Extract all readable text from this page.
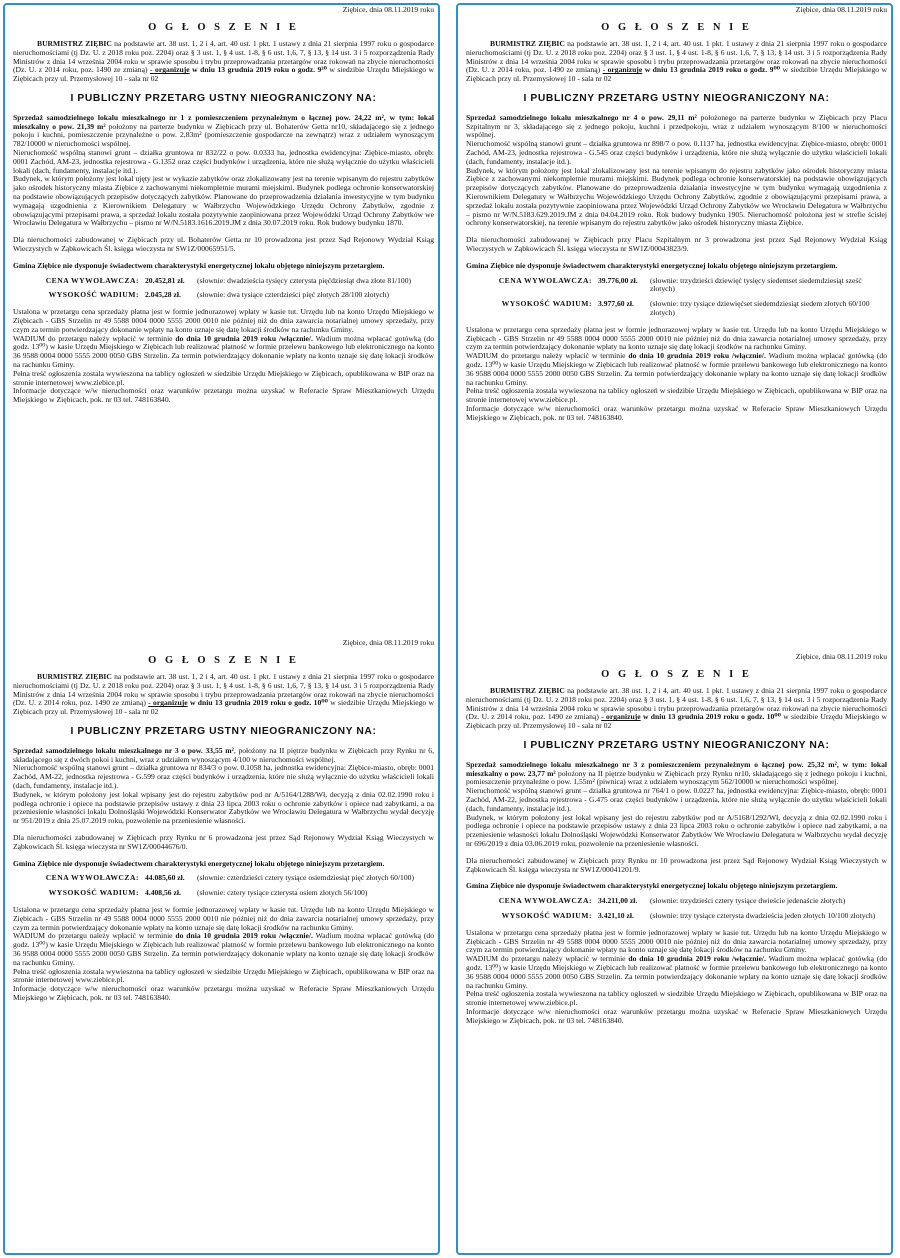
Ziębice, dnia 08.11.2019 roku

O G Ł O S Z E N I E

BURMISTRZ ZIĘBIC na podstawie art. 38 ust. 1, 2 i 4, art. 40 ust. 1 pkt. 1 ustawy z dnia 21 sierpnia 1997 roku o gospodarce nieruchomościami (tj Dz. U. z 2018 roku poz. 2204) oraz § 3 ust. 1, § 4 ust. 1-8, § 6 ust. 1,6, 7, § 13, § 14 ust. 3 i 5 rozporządzenia Rady Ministrów z dnia 14 września 2004 roku w sprawie sposobu i trybu przeprowadzania przetargów oraz rokowań na zbycie nieruchomości (Dz. U. z 2014 roku, poz. 1490 ze zmianą) - organizuje w dniu 13 grudnia 2019 roku o godz. 9³⁰ w siedzibie Urzędu Miejskiego w Ziębicach przy ul. Przemysłowej 10 - sala nr 02

I PUBLICZNY PRZETARG USTNY NIEOGRANICZONY NA:

Sprzedaż samodzielnego lokalu mieszkalnego nr 1 z pomieszczeniem przynależnym o łącznej pow. 24,22 m², w tym: lokal mieszkalny o pow. 21,39 m² położony na parterze budynku w Ziębicach przy ul. Bohaterów Getta nr10, składającego się z jednego pokoju i kuchni, pomieszczenie przynależne o pow. 2,83m² (pomieszczenie gospodarcze na zewnątrz) wraz z udziałem wynoszącym 782/10000 w nieruchomości wspólnej.

Nieruchomość wspólną stanowi grunt – działka gruntowa nr 832/22 o pow. 0.0333 ha, jednostka ewidencyjna: Ziębice-miasto, obręb: 0001 Zachód, AM-23, jednostka rejestrowa - G.1352 oraz części budynków i urządzenia, które nie służą wyłącznie do użytku właścicieli lokali (dach, fundamenty, instalacje itd.).

Budynek, w którym położony jest lokal ujęty jest w wykazie zabytków oraz zlokalizowany jest na terenie wpisanym do rejestru zabytków jako ośrodek historyczny miasta Ziębice z zachowanymi niekompletnie murami miejskimi. Budynek podlega ochronie konserwatorskiej na podstawie obowiązujących przepisów dotyczących zabytków. Planowane do przeprowadzenia działania inwestycyjne w tym budynku wymagają uzgodnienia z Kierownikiem Delegatury w Wałbrzychu Wojewódzkiego Urzędu Ochrony Zabytków, zgodnie z obowiązującymi przepisami prawa, a sprzedaż lokalu została pozytywnie zaopiniowana przez Wojewódzki Urząd Ochrony Zabytków we Wrocławiu Delegatura w Wałbrzychu – pismo nr W/N.5183.1616.2019.JM z dnia 30.07.2019 roku. Rok budowy budynku 1870.

Dla nieruchomości zabudowanej w Ziębicach przy ul. Bohaterów Getta nr 10 prowadzona jest przez Sąd Rejonowy Wydział Ksiąg Wieczystych w Ząbkowicach Śl. księga wieczysta nr SW1Z/00065951/5.

Gmina Ziębice nie dysponuje świadectwem charakterystyki energetycznej lokalu objętego niniejszym przetargiem.

CENA WYWOŁAWCZA: 20.452,81 zł.	(słownie: dwadzieścia tysięcy czterysta pięćdziesiąt dwa złote 81/100)
WYSOKOŚĆ WADIUM: 2.045,28 zł.	(słownie: dwa tysiące czterdzieści pięć złotych 28/100 złotych)

Ustalona w przetargu cena sprzedaży płatna jest w formie jednorazowej wpłaty w kasie tut. Urzędu lub na konto Urzędu Miejskiego w Ziębicach - GBS Strzelin nr 49 5588 0004 0000 5555 2000 0010 nie później niż do dnia zawarcia notarialnej umowy sprzedaży, przy czym za termin potwierdzający dokonanie wpłaty na konto uznaje się datę lokacji środków na rachunku Gminy.

WADIUM do przetargu należy wpłacić w terminie do dnia 10 grudnia 2019 roku /włącznie/. Wadium można wpłacać gotówką (do godz. 13⁰⁰) w kasie Urzędu Miejskiego w Ziębicach lub realizować płatność w formie przelewu bankowego lub elektronicznego na konto 36 9588 0004 0000 5555 2000 0050 GBS Strzelin. Za termin potwierdzający dokonanie wpłaty na konto uznaje się datę lokacji środków na rachunku Gminy.

Pełna treść ogłoszenia zostala wywieszona na tablicy ogłoszeń w siedzibie Urzędu Miejskiego w Ziębicach, opublikowana w BIP oraz na stronie internetowej www.ziebice.pl.

Informacje dotyczące w/w nieruchomości oraz warunków przetargu można uzyskać w Referacie Spraw Mieszkaniowych Urzędu Miejskiego w Ziębicach, pok. nr 03 tel. 748163840.

Ziębice, dnia 08.11.2019 roku

O G Ł O S Z E N I E

BURMISTRZ ZIĘBIC na podstawie art. 38 ust. 1, 2 i 4, art. 40 ust. 1 pkt. 1 ustawy z dnia 21 sierpnia 1997 roku o gospodarce nieruchomościami (tj Dz. U. z 2018 roku poz. 2204) oraz § 3 ust. 1, § 4 ust. 1-8, § 6 ust. 1,6, 7, § 13, § 14 ust. 3 i 5 rozporządzenia Rady Ministrów z dnia 14 września 2004 roku w sprawie sposobu i trybu przeprowadzania przetargów oraz rokowań na zbycie nieruchomości (Dz. U. z 2014 roku, poz. 1490 ze zmianą) - organizuje w dniu 13 grudnia 2019 roku o godz. 9⁰⁰ w siedzibie Urzędu Miejskiego w Ziębicach przy ul. Przemysłowej 10 - sala nr 02

I PUBLICZNY PRZETARG USTNY NIEOGRANICZONY NA:

Sprzedaż samodzielnego lokalu mieszkalnego nr 4 o pow. 29,11 m² położonego na parterze budynku w Ziębicach przy Placu Szpitalnym nr 3, składającego się z jednego pokoju, kuchni i przedpokoju, wraz z udziałem wynoszącym 8/100 w nieruchomości wspólnej.

Nieruchomość wspólną stanowi grunt – działka gruntowa nr 898/7 o pow. 0.1137 ha, jednostka ewidencyjna: Ziębice-miasto, obręb: 0001 Zachód, AM-23, jednostka rejestrowa - G.545 oraz części budynków i urządzenia, które nie służą wyłącznie do użytku właścicieli lokali (dach, fundamenty, instalacje itd.).

Budynek, w którym położony jest lokal zlokalizowany jest na terenie wpisanym do rejestru zabytków jako ośrodek historyczny miasta Ziębice z zachowanymi niekompletnie murami miejskimi. Budynek podlega ochronie konserwatorskiej na podstawie obowiązujących przepisów dotyczących zabytków. Planowane do przeprowadzenia działania inwestycyjne w tym budynku wymagają uzgodnienia z Kierownikiem Delegatury w Wałbrzychu Wojewódzkiego Urzędu Ochrony Zabytków, zgodnie z obowiązującymi przepisami prawa, a sprzedaż lokalu została pozytywnie zaopiniowana przez Wojewódzki Urząd Ochrony Zabytków we Wrocławiu Delegatura w Wałbrzychu – pismo nr W/N.5183.629.2019.JM z dnia 04.04.2019 roku. Rok budowy budynku 1905. Nieruchomość położona jest w strefie ścisłej ochrony konserwatorskiej, na terenie wpisanym do rejestru zabytków jako ośrodek historyczny miasta Ziębice.

Dla nieruchomości zabudowanej w Ziębicach przy Placu Szpitalnym nr 3 prowadzona jest przez Sąd Rejonowy Wydział Ksiąg Wieczystych w Ząbkowicach Śl. księga wieczysta nr SW1Z/00043823/9.

Gmina Ziębice nie dysponuje świadectwem charakterystyki energetycznej lokalu objętego niniejszym przetargiem.

CENA WYWOŁAWCZA: 39.776,00 zł.	(słownie: trzydzieści dziewięć tysięcy siedemset siedemdziesiąt sześć złotych)
WYSOKOŚĆ WADIUM: 3.977,60 zł.	(słownie: trzy tysiące dziewięćset siedemdziesiąt siedem złotych 60/100 złotych)

Ustalona w przetargu cena sprzedaży płatna jest w formie jednorazowej wpłaty w kasie tut. Urzędu lub na konto Urzędu Miejskiego w Ziębicach - GBS Strzelin nr 49 5588 0004 0000 5555 2000 0010 nie później niż do dnia zawarcia notarialnej umowy sprzedaży, przy czym za termin potwierdzający dokonanie wpłaty na konto uznaje się datę lokacji środków na rachunku Gminy.

WADIUM do przetargu należy wpłacić w terminie do dnia 10 grudnia 2019 roku /włącznie/. Wadium można wpłacać gotówką (do godz. 13⁰⁰) w kasie Urzędu Miejskiego w Ziębicach lub realizować płatność w formie przelewu bankowego lub elektronicznego na konto 36 9588 0004 0000 5555 2000 0050 GBS Strzelin. Za termin potwierdzający dokonanie wpłaty na konto uznaje się datę lokacji środków na rachunku Gminy.

Pełna treść ogłoszenia zostala wywieszona na tablicy ogłoszeń w siedzibie Urzędu Miejskiego w Ziębicach, opublikowana w BIP oraz na stronie internetowej www.ziebice.pl.

Informacje dotyczące w/w nieruchomości oraz warunków przetargu można uzyskać w Referacie Spraw Mieszkaniowych Urzędu Miejskiego w Ziębicach, pok. nr 03 tel. 748163840.

Ziębice, dnia 08.11.2019 roku

O G Ł O S Z E N I E

BURMISTRZ ZIĘBIC na podstawie art. 38 ust. 1, 2 i 4, art. 40 ust. 1 pkt. 1 ustawy z dnia 21 sierpnia 1997 roku o gospodarce nieruchomościami (tj Dz. U. z 2018 roku poz. 2204) oraz § 3 ust. 1, § 4 ust. 1-8, § 6 ust. 1,6, 7, § 13, § 14 ust. 3 i 5 rozporządzenia Rady Ministrów z dnia 14 września 2004 roku w sprawie sposobu i trybu przeprowadzania przetargów oraz rokowań na zbycie nieruchomości (Dz. U. z 2014 roku, poz. 1490 ze zmianą) - organizuje w dniu 13 grudnia 2019 roku o godz. 10⁰⁰ w siedzibie Urzędu Miejskiego w Ziębicach przy ul. Przemysłowej 10 - sala nr 02

I PUBLICZNY PRZETARG USTNY NIEOGRANICZONY NA:

Sprzedaż samodzielnego lokalu mieszkalnego nr 3 o pow. 33,55 m², położony na II piętrze budynku w Ziębicach przy Rynku nr 6, składającego się z dwóch pokoi i kuchni, wraz z udziałem wynoszącym 4/100 w nieruchomości wspólnej.

Nieruchomość wspólną stanowi grunt – działka gruntowa nr 834/3 o pow. 0.1058 ha, jednostka ewidencyjna: Ziębice-miasto, obręb: 0001 Zachód, AM-22, jednostka rejestrowa - G.599 oraz części budynków i urządzenia, które nie służą wyłącznie do użytku właścicieli lokali (dach, fundamenty, instalacje itd.).

Budynek, w którym położony jest lokal wpisany jest do rejestru zabytków pod nr A/5164/1288/Wł, decyzją z dnia 02.02.1990 roku i podlega ochronie i opiece na podstawie przepisów ustawy z dnia 23 lipca 2003 roku o ochronie zabytków i opiece nad zabytkami, a na przeniesienie własności lokalu Dolnośląski Wojewódzki Konserwator Zabytków we Wrocławiu Delegatura w Wałbrzychu wydał decyzję nr 951/2019 z dnia 25.07.2019 roku, pozwolenie na przeniesienie własności.

Dla nieruchomości zabudowanej w Ziębicach przy Rynku nr 6 prowadzona jest przez Sąd Rejonowy Wydział Ksiąg Wieczystych w Ząbkowicach Śl. księga wieczysta nr SW1Z/00044676/0.

Gmina Ziębice nie dysponuje świadectwem charakterystyki energetycznej lokalu objętego niniejszym przetargiem.

CENA WYWOŁAWCZA: 44.085,60 zł.	(słownie: czterdzieści cztery tysiące osiemdziesiąt pięć złotych 60/100)
WYSOKOŚĆ WADIUM: 4.408,56 zł.	(słownie: cztery tysiące czterysta osiem złotych 56/100)

Ustalona w przetargu cena sprzedaży płatna jest w formie jednorazowej wpłaty w kasie tut. Urzędu lub na konto Urzędu Miejskiego w Ziębicach - GBS Strzelin nr 49 5588 0004 0000 5555 2000 0010 nie później niż do dnia zawarcia notarialnej umowy sprzedaży, przy czym za termin potwierdzający dokonanie wpłaty na konto uznaje się datę lokacji środków na rachunku Gminy.

WADIUM do przetargu należy wpłacić w terminie do dnia 10 grudnia 2019 roku /włącznie/. Wadium można wpłacać gotówką (do godz. 13⁰⁰) w kasie Urzędu Miejskiego w Ziębicach lub realizować płatność w formie przelewu bankowego lub elektronicznego na konto 36 9588 0004 0000 5555 2000 0050 GBS Strzelin. Za termin potwierdzający dokonanie wpłaty na konto uznaje się datę lokacji środków na rachunku Gminy.

Pełna treść ogłoszenia zostala wywieszona na tablicy ogłoszeń w siedzibie Urzędu Miejskiego w Ziębicach, opublikowana w BIP oraz na stronie internetowej www.ziebice.pl.

Informacje dotyczące w/w nieruchomości oraz warunków przetargu można uzyskać w Referacie Spraw Mieszkaniowych Urzędu Miejskiego w Ziębicach, pok. nr 03 tel. 748163840.

Ziębice, dnia 08.11.2019 roku

O G Ł O S Z E N I E

BURMISTRZ ZIĘBIC na podstawie art. 38 ust. 1, 2 i 4, art. 40 ust. 1 pkt. 1 ustawy z dnia 21 sierpnia 1997 roku o gospodarce nieruchomościami (tj Dz. U. z 2018 roku poz. 2204) oraz § 3 ust. 1, § 4 ust. 1-8, § 6 ust. 1,6, 7, § 13, § 14 ust. 3 i 5 rozporządzenia Rady Ministrów z dnia 14 września 2004 roku w sprawie sposobu i trybu przeprowadzania przetargów oraz rokowań na zbycie nieruchomości (Dz. U. z 2014 roku, poz. 1490 ze zmianą) - organizuje w dniu 13 grudnia 2019 roku o godz. 10⁰⁰ w siedzibie Urzędu Miejskiego w Ziębicach przy ul. Przemysłowej 10 - sala nr 02

I PUBLICZNY PRZETARG USTNY NIEOGRANICZONY NA:

Sprzedaż samodzielnego lokalu mieszkalnego nr 3 z pomieszczeniem przynależnym o łącznej pow. 25,32 m², w tym: lokal mieszkalny o pow. 23,77 m² położony na II piętrze budynku w Ziębicach przy Rynku nr10, składającego się z jednego pokoju i kuchni, pomieszczenie przynależne o pow. 1,55m² (piwnica) wraz z udziałem wynoszącym 562/10000 w nieruchomości wspólnej.

Nieruchomość wspólną stanowi grunt – działka gruntowa nr 764/1 o pow. 0.0227 ha, jednostka ewidencyjna: Ziębice-miasto, obręb: 0001 Zachód, AM-22, jednostka rejestrowa - G.475 oraz części budynków i urządzenia, które nie służą wyłącznie do użytku właścicieli lokali (dach, fundamenty, instalacje itd.).

Budynek, w którym położony jest lokal wpisany jest do rejestru zabytków pod nr A/5168/1292/Wł, decyzją z dnia 02.02.1990 roku i podlega ochronie i opiece na podstawie przepisów ustawy z dnia 23 lipca 2003 roku o ochronie zabytków i opiece nad zabytkami, a na przeniesienie własności lokalu Dolnośląski Wojewódzki Konserwator Zabytków We Wrocławiu Delegatura w Wałbrzychu wydał decyzję nr 696/2019 z dnia 03.06.2019 roku, pozwolenie na przeniesienie własności.

Dla nieruchomości zabudowanej w Ziębicach przy Rynku nr 10 prowadzona jest przez Sąd Rejonowy Wydział Ksiąg Wieczystych w Ząbkowicach Śl. księga wieczysta nr SW1Z/00041201/9.

Gmina Ziębice nie dysponuje świadectwem charakterystyki energetycznej lokalu objętego niniejszym przetargiem.

CENA WYWOŁAWCZA: 34.211,00 zł.	(słownie: trzydzieści cztery tysiące dwieście jedenaście złotych)
WYSOKOŚĆ WADIUM: 3.421,10 zł.	(słownie: trzy tysiące czterysta dwadzieścia jeden złotych 10/100 złotych)

Ustalona w przetargu cena sprzedaży płatna jest w formie jednorazowej wpłaty w kasie tut. Urzędu lub na konto Urzędu Miejskiego w Ziębicach - GBS Strzelin nr 49 5588 0004 0000 5555 2000 0010 nie później niż do dnia zawarcia notarialnej umowy sprzedaży, przy czym za termin potwierdzający dokonanie wpłaty na konto uznaje się datę lokacji środków na rachunku Gminy.

WADIUM do przetargu należy wpłacić w terminie do dnia 10 grudnia 2019 roku /włącznie/. Wadium można wpłacać gotówką (do godz. 13⁰⁰) w kasie Urzędu Miejskiego w Ziębicach lub realizować płatność w formie przelewu bankowego lub elektronicznego na konto 36 9588 0004 0000 5555 2000 0050 GBS Strzelin. Za termin potwierdzający dokonanie wpłaty na konto uznaje się datę lokacji środków na rachunku Gminy.

Pełna treść ogłoszenia zostala wywieszona na tablicy ogłoszeń w siedzibie Urzędu Miejskiego w Ziębicach, opublikowana w BIP oraz na stronie internetowej www.ziebice.pl.

Informacje dotyczące w/w nieruchomości oraz warunków przetargu można uzyskać w Referacie Spraw Mieszkaniowych Urzędu Miejskiego w Ziębicach, pok. nr 03 tel. 748163840.
